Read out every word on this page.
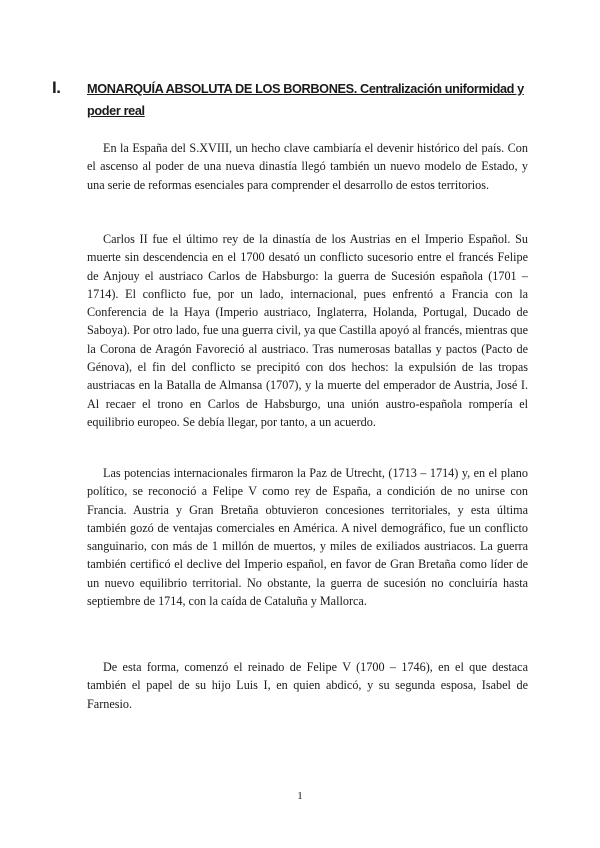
I. MONARQUÍA ABSOLUTA DE LOS BORBONES. Centralización uniformidad y poder real

En la España del S.XVIII, un hecho clave cambiaría el devenir histórico del país. Con el ascenso al poder de una nueva dinastía llegó también un nuevo modelo de Estado, y una serie de reformas esenciales para comprender el desarrollo de estos territorios.

Carlos II fue el último rey de la dinastía de los Austrias en el Imperio Español. Su muerte sin descendencia en el 1700 desató un conflicto sucesorio entre el francés Felipe de Anjouy el austriaco Carlos de Habsburgo: la guerra de Sucesión española (1701 – 1714). El conflicto fue, por un lado, internacional, pues enfrentó a Francia con la Conferencia de la Haya (Imperio austriaco, Inglaterra, Holanda, Portugal, Ducado de Saboya). Por otro lado, fue una guerra civil, ya que Castilla apoyó al francés, mientras que la Corona de Aragón Favoreció al austriaco. Tras numerosas batallas y pactos (Pacto de Génova), el fin del conflicto se precipitó con dos hechos: la expulsión de las tropas austriacas en la Batalla de Almansa (1707), y la muerte del emperador de Austria, José I. Al recaer el trono en Carlos de Habsburgo, una unión austro-española rompería el equilibrio europeo. Se debía llegar, por tanto, a un acuerdo.

Las potencias internacionales firmaron la Paz de Utrecht, (1713 – 1714) y, en el plano político, se reconoció a Felipe V como rey de España, a condición de no unirse con Francia. Austria y Gran Bretaña obtuvieron concesiones territoriales, y esta última también gozó de ventajas comerciales en América. A nivel demográfico, fue un conflicto sanguinario, con más de 1 millón de muertos, y miles de exiliados austriacos. La guerra también certificó el declive del Imperio español, en favor de Gran Bretaña como líder de un nuevo equilibrio territorial. No obstante, la guerra de sucesión no concluiría hasta septiembre de 1714, con la caída de Cataluña y Mallorca.

De esta forma, comenzó el reinado de Felipe V (1700 – 1746), en el que destaca también el papel de su hijo Luis I, en quien abdicó, y su segunda esposa, Isabel de Farnesio.

1
